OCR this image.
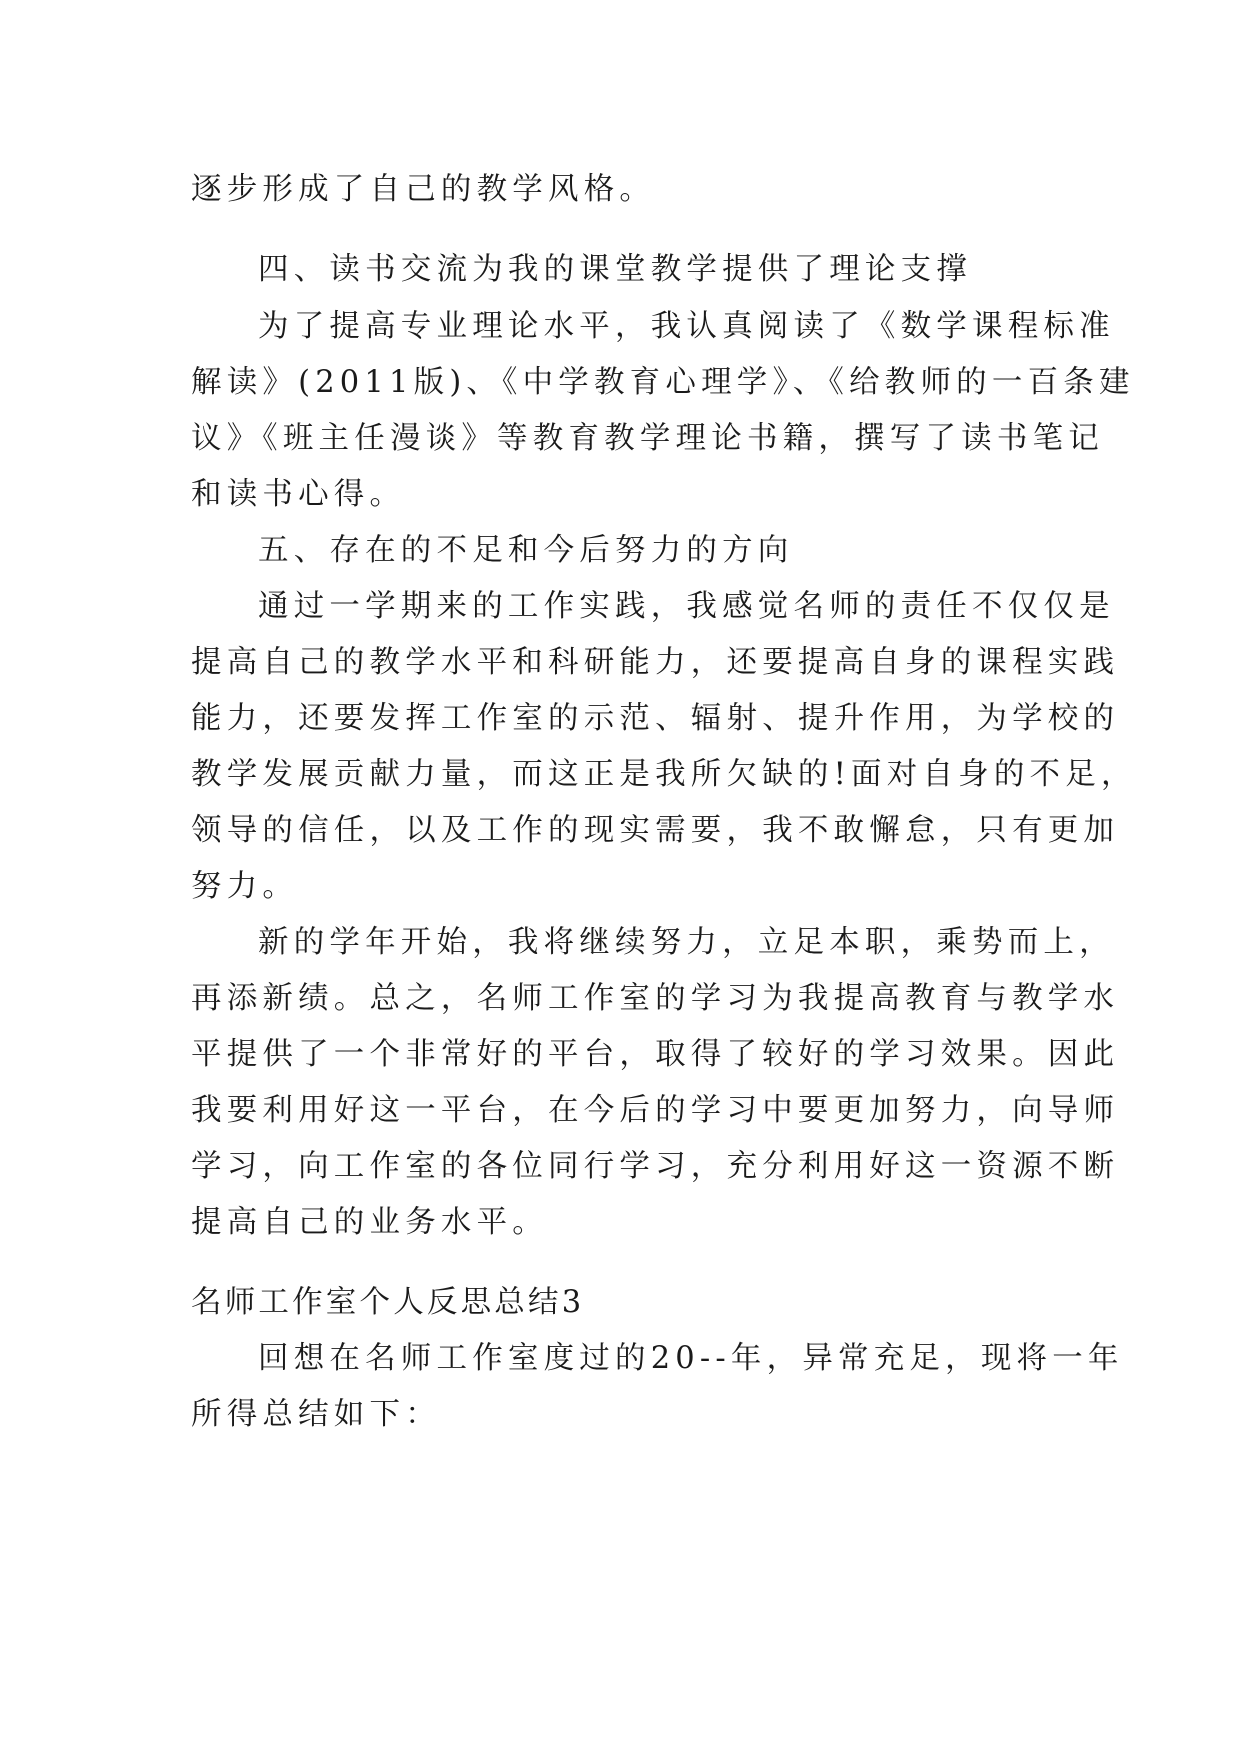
逐步形成了自己的教学风格。
四、读书交流为我的课堂教学提供了理论支撑
为了提高专业理论水平，我认真阅读了《数学课程标准
解读》(2011版)、《中学教育心理学》、《给教师的一百条建
议》《班主任漫谈》等教育教学理论书籍，撰写了读书笔记
和读书心得。
五、存在的不足和今后努力的方向
通过一学期来的工作实践，我感觉名师的责任不仅仅是
提高自己的教学水平和科研能力，还要提高自身的课程实践
能力，还要发挥工作室的示范、辐射、提升作用，为学校的
教学发展贡献力量，而这正是我所欠缺的!面对自身的不足，
领导的信任，以及工作的现实需要，我不敢懈怠，只有更加
努力。
新的学年开始，我将继续努力，立足本职，乘势而上，
再添新绩。总之，名师工作室的学习为我提高教育与教学水
平提供了一个非常好的平台，取得了较好的学习效果。因此
我要利用好这一平台，在今后的学习中要更加努力，向导师
学习，向工作室的各位同行学习，充分利用好这一资源不断
提高自己的业务水平。
名师工作室个人反思总结3
回想在名师工作室度过的20--年，异常充足，现将一年
所得总结如下：
